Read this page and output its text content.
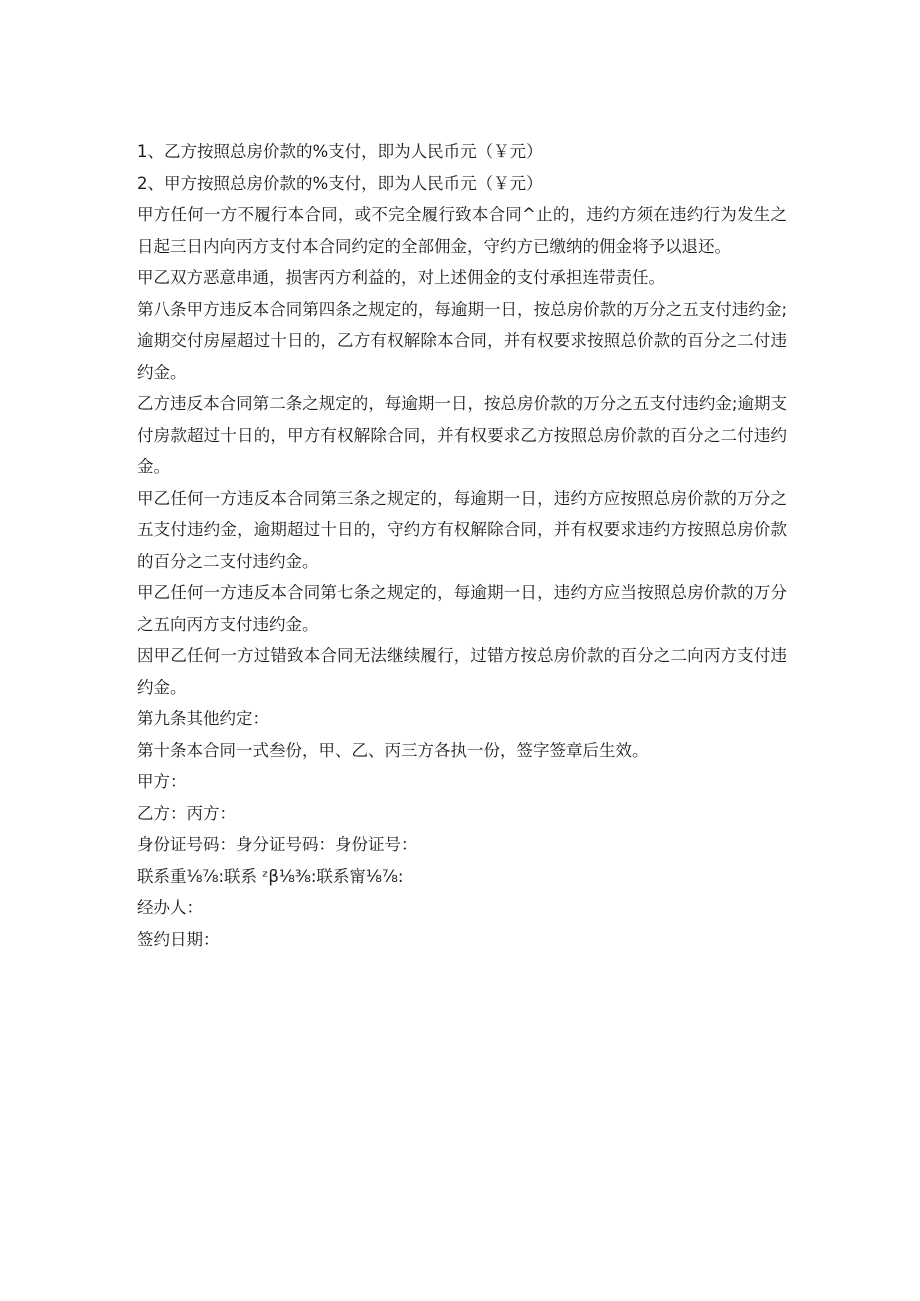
1、乙方按照总房价款的%支付，即为人民币元（￥元）

2、甲方按照总房价款的%支付，即为人民币元（￥元）

甲方任何一方不履行本合同，或不完全履行致本合同^止的，违约方须在违约行为发生之日起三日内向丙方支付本合同约定的全部佣金，守约方已缴纳的佣金将予以退还。

甲乙双方恶意串通，损害丙方利益的，对上述佣金的支付承担连带责任。

第八条甲方违反本合同第四条之规定的，每逾期一日，按总房价款的万分之五支付违约金;逾期交付房屋超过十日的，乙方有权解除本合同，并有权要求按照总价款的百分之二付违约金。

乙方违反本合同第二条之规定的，每逾期一日，按总房价款的万分之五支付违约金;逾期支付房款超过十日的，甲方有权解除合同，并有权要求乙方按照总房价款的百分之二付违约金。

甲乙任何一方违反本合同第三条之规定的，每逾期一日，违约方应按照总房价款的万分之五支付违约金，逾期超过十日的，守约方有权解除合同，并有权要求违约方按照总房价款的百分之二支付违约金。

甲乙任何一方违反本合同第七条之规定的，每逾期一日，违约方应当按照总房价款的万分之五向丙方支付违约金。

因甲乙任何一方过错致本合同无法继续履行，过错方按总房价款的百分之二向丙方支付违约金。

第九条其他约定：

第十条本合同一式叁份，甲、乙、丙三方各执一份，签字签章后生效。

甲方：

乙方：丙方：

身份证号码：身分证号码：身份证号：

联系重⅛⅞:联系 ᶻβ⅛⅜:联系甯⅛⅞:

经办人：

签约日期：
